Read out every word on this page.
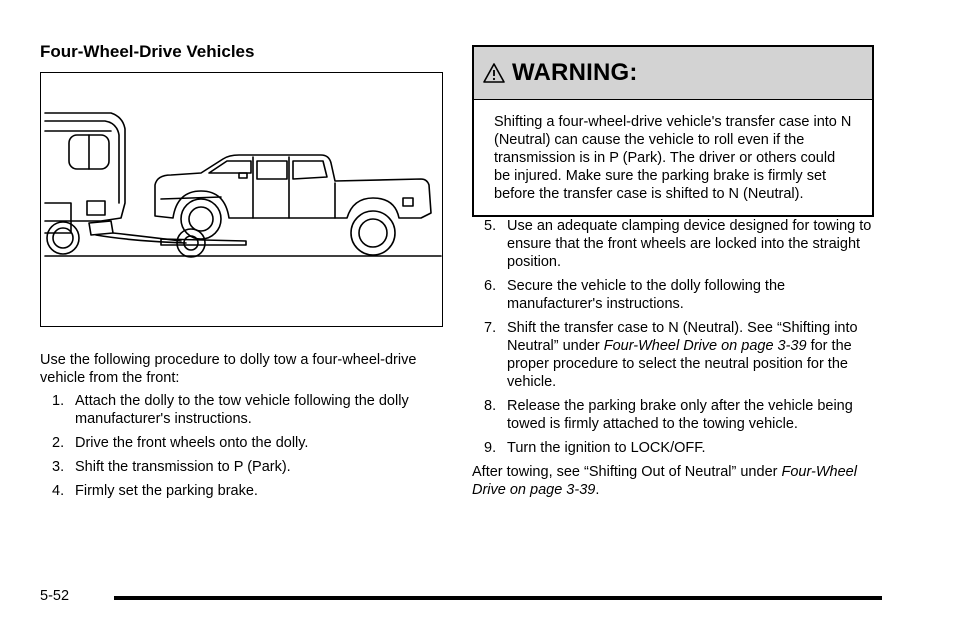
Four-Wheel-Drive Vehicles

Use the following procedure to dolly tow a four-wheel-drive vehicle from the front:

1. Attach the dolly to the tow vehicle following the dolly manufacturer's instructions.
2. Drive the front wheels onto the dolly.
3. Shift the transmission to P (Park).
4. Firmly set the parking brake.
WARNING:

Shifting a four-wheel-drive vehicle's transfer case into N (Neutral) can cause the vehicle to roll even if the transmission is in P (Park). The driver or others could be injured. Make sure the parking brake is firmly set before the transfer case is shifted to N (Neutral).

5. Use an adequate clamping device designed for towing to ensure that the front wheels are locked into the straight position.
6. Secure the vehicle to the dolly following the manufacturer's instructions.
7. Shift the transfer case to N (Neutral). See “Shifting into Neutral” under Four-Wheel Drive on page 3-39 for the proper procedure to select the neutral position for the vehicle.
8. Release the parking brake only after the vehicle being towed is firmly attached to the towing vehicle.
9. Turn the ignition to LOCK/OFF.

After towing, see “Shifting Out of Neutral” under Four-Wheel Drive on page 3-39.

5-52
